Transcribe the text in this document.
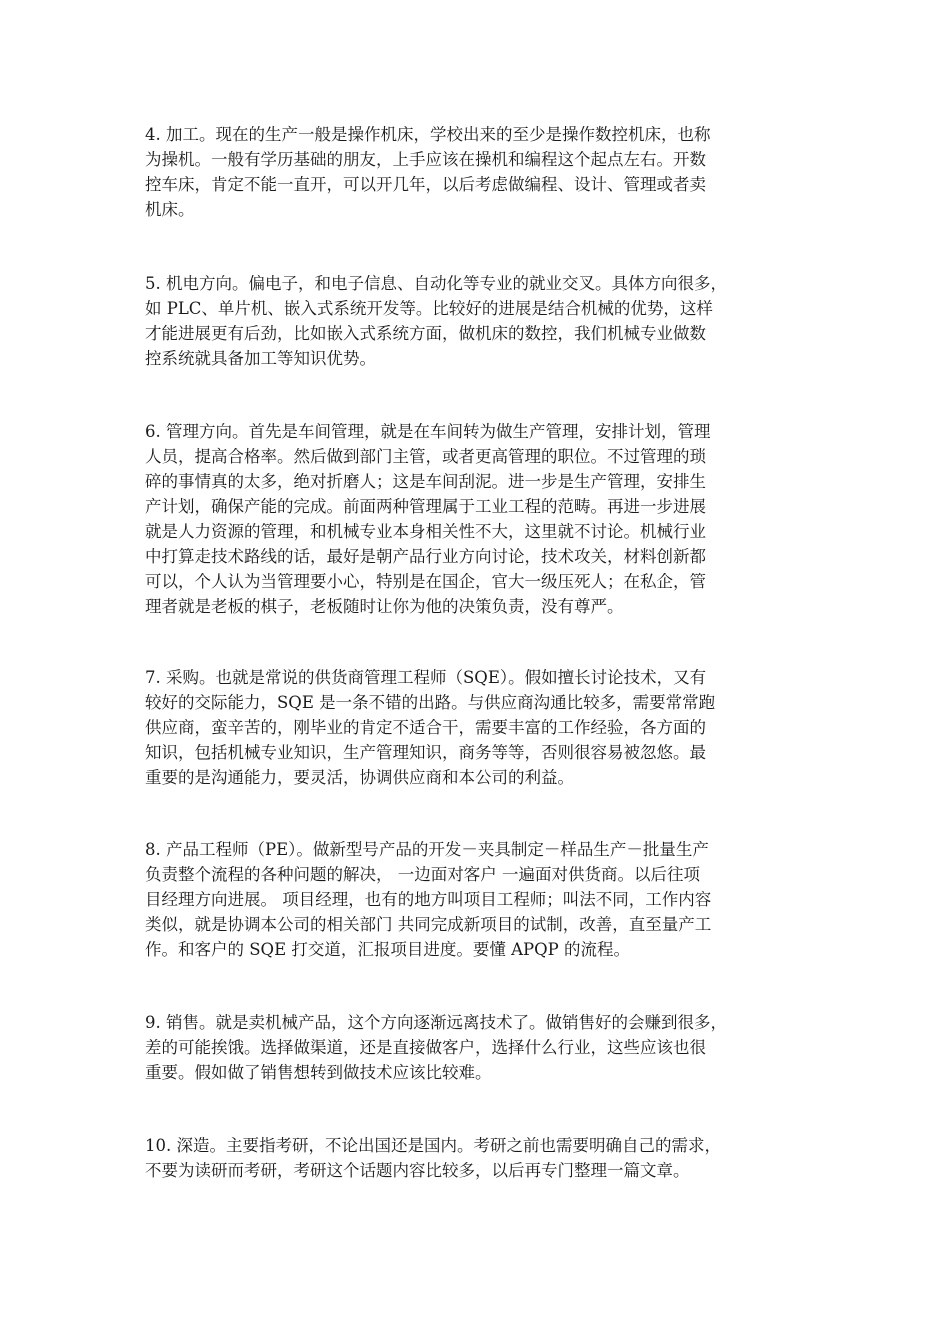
4. 加工。现在的生产一般是操作机床，学校出来的至少是操作数控机床，也称
为操机。一般有学历基础的朋友，上手应该在操机和编程这个起点左右。开数
控车床，肯定不能一直开，可以开几年，以后考虑做编程、设计、管理或者卖
机床。
5. 机电方向。偏电子，和电子信息、自动化等专业的就业交叉。具体方向很多，
如 PLC、单片机、嵌入式系统开发等。比较好的进展是结合机械的优势，这样
才能进展更有后劲，比如嵌入式系统方面，做机床的数控，我们机械专业做数
控系统就具备加工等知识优势。
6. 管理方向。首先是车间管理，就是在车间转为做生产管理，安排计划，管理
人员，提高合格率。然后做到部门主管，或者更高管理的职位。不过管理的琐
碎的事情真的太多，绝对折磨人；这是车间刮泥。进一步是生产管理，安排生
产计划，确保产能的完成。前面两种管理属于工业工程的范畴。再进一步进展
就是人力资源的管理，和机械专业本身相关性不大，这里就不讨论。机械行业
中打算走技术路线的话，最好是朝产品行业方向讨论，技术攻关，材料创新都
可以，个人认为当管理要小心，特别是在国企，官大一级压死人；在私企，管
理者就是老板的棋子，老板随时让你为他的决策负责，没有尊严。
7. 采购。也就是常说的供货商管理工程师（SQE）。假如擅长讨论技术，又有
较好的交际能力，SQE 是一条不错的出路。与供应商沟通比较多，需要常常跑
供应商，蛮辛苦的，刚毕业的肯定不适合干，需要丰富的工作经验，各方面的
知识，包括机械专业知识，生产管理知识，商务等等，否则很容易被忽悠。最
重要的是沟通能力，要灵活，协调供应商和本公司的利益。
8. 产品工程师（PE）。做新型号产品的开发－夹具制定－样品生产－批量生产
负责整个流程的各种问题的解决， 一边面对客户 一遍面对供货商。以后往项
目经理方向进展。 项目经理，也有的地方叫项目工程师；叫法不同，工作内容
类似，就是协调本公司的相关部门 共同完成新项目的试制，改善，直至量产工
作。和客户的 SQE 打交道，汇报项目进度。要懂 APQP 的流程。
9. 销售。就是卖机械产品，这个方向逐渐远离技术了。做销售好的会赚到很多，
差的可能挨饿。选择做渠道，还是直接做客户，选择什么行业，这些应该也很
重要。假如做了销售想转到做技术应该比较难。
10. 深造。主要指考研，不论出国还是国内。考研之前也需要明确自己的需求，
不要为读研而考研，考研这个话题内容比较多，以后再专门整理一篇文章。
